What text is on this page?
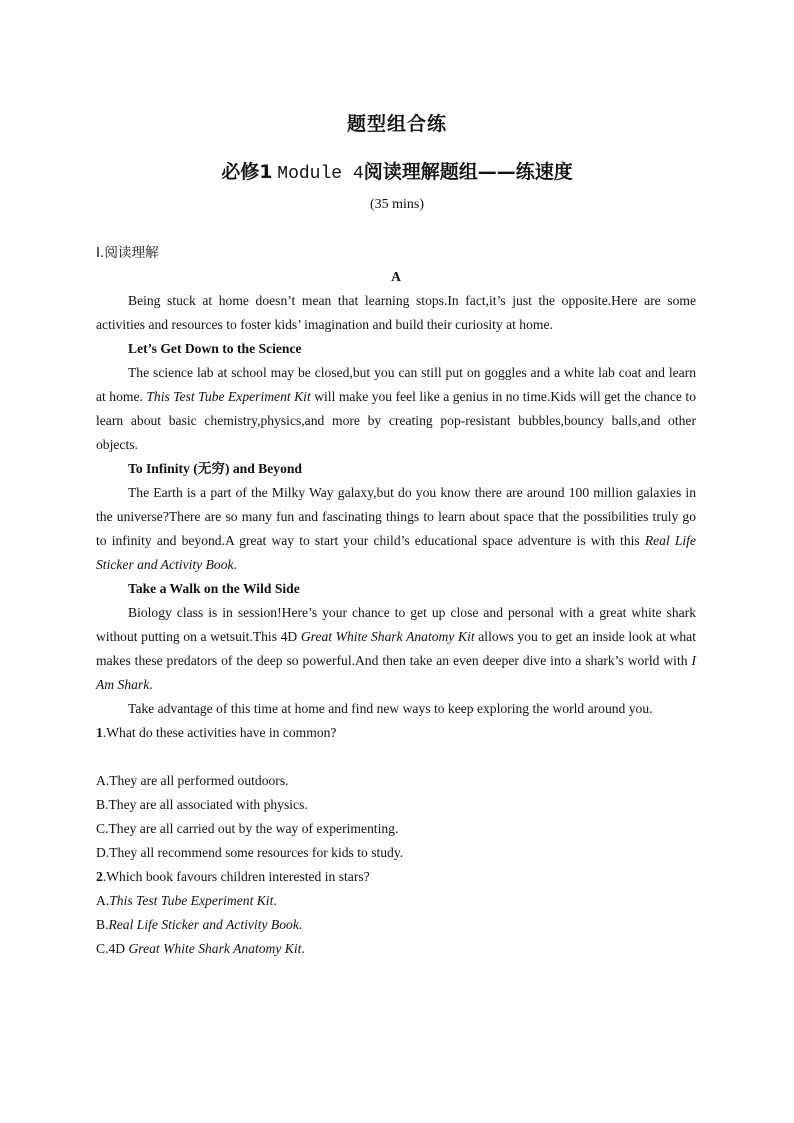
题型组合练
必修1 Module 4阅读理解题组——练速度
(35 mins)

Ⅰ.阅读理解

A

Being stuck at home doesn’t mean that learning stops.In fact,it’s just the opposite.Here are some activities and resources to foster kids’ imagination and build their curiosity at home.

Let’s Get Down to the Science

The science lab at school may be closed,but you can still put on goggles and a white lab coat and learn at home. This Test Tube Experiment Kit will make you feel like a genius in no time.Kids will get the chance to learn about basic chemistry,physics,and more by creating pop-resistant bubbles,bouncy balls,and other objects.

To Infinity (无穷) and Beyond

The Earth is a part of the Milky Way galaxy,but do you know there are around 100 million galaxies in the universe?There are so many fun and fascinating things to learn about space that the possibilities truly go to infinity and beyond.A great way to start your child’s educational space adventure is with this Real Life Sticker and Activity Book.

Take a Walk on the Wild Side

Biology class is in session!Here’s your chance to get up close and personal with a great white shark without putting on a wetsuit.This 4D Great White Shark Anatomy Kit allows you to get an inside look at what makes these predators of the deep so powerful.And then take an even deeper dive into a shark’s world with I Am Shark.

Take advantage of this time at home and find new ways to keep exploring the world around you.

1.What do these activities have in common?

A.They are all performed outdoors.

B.They are all associated with physics.

C.They are all carried out by the way of experimenting.

D.They all recommend some resources for kids to study.

2.Which book favours children interested in stars?

A.This Test Tube Experiment Kit.

B.Real Life Sticker and Activity Book.

C.4D Great White Shark Anatomy Kit.
